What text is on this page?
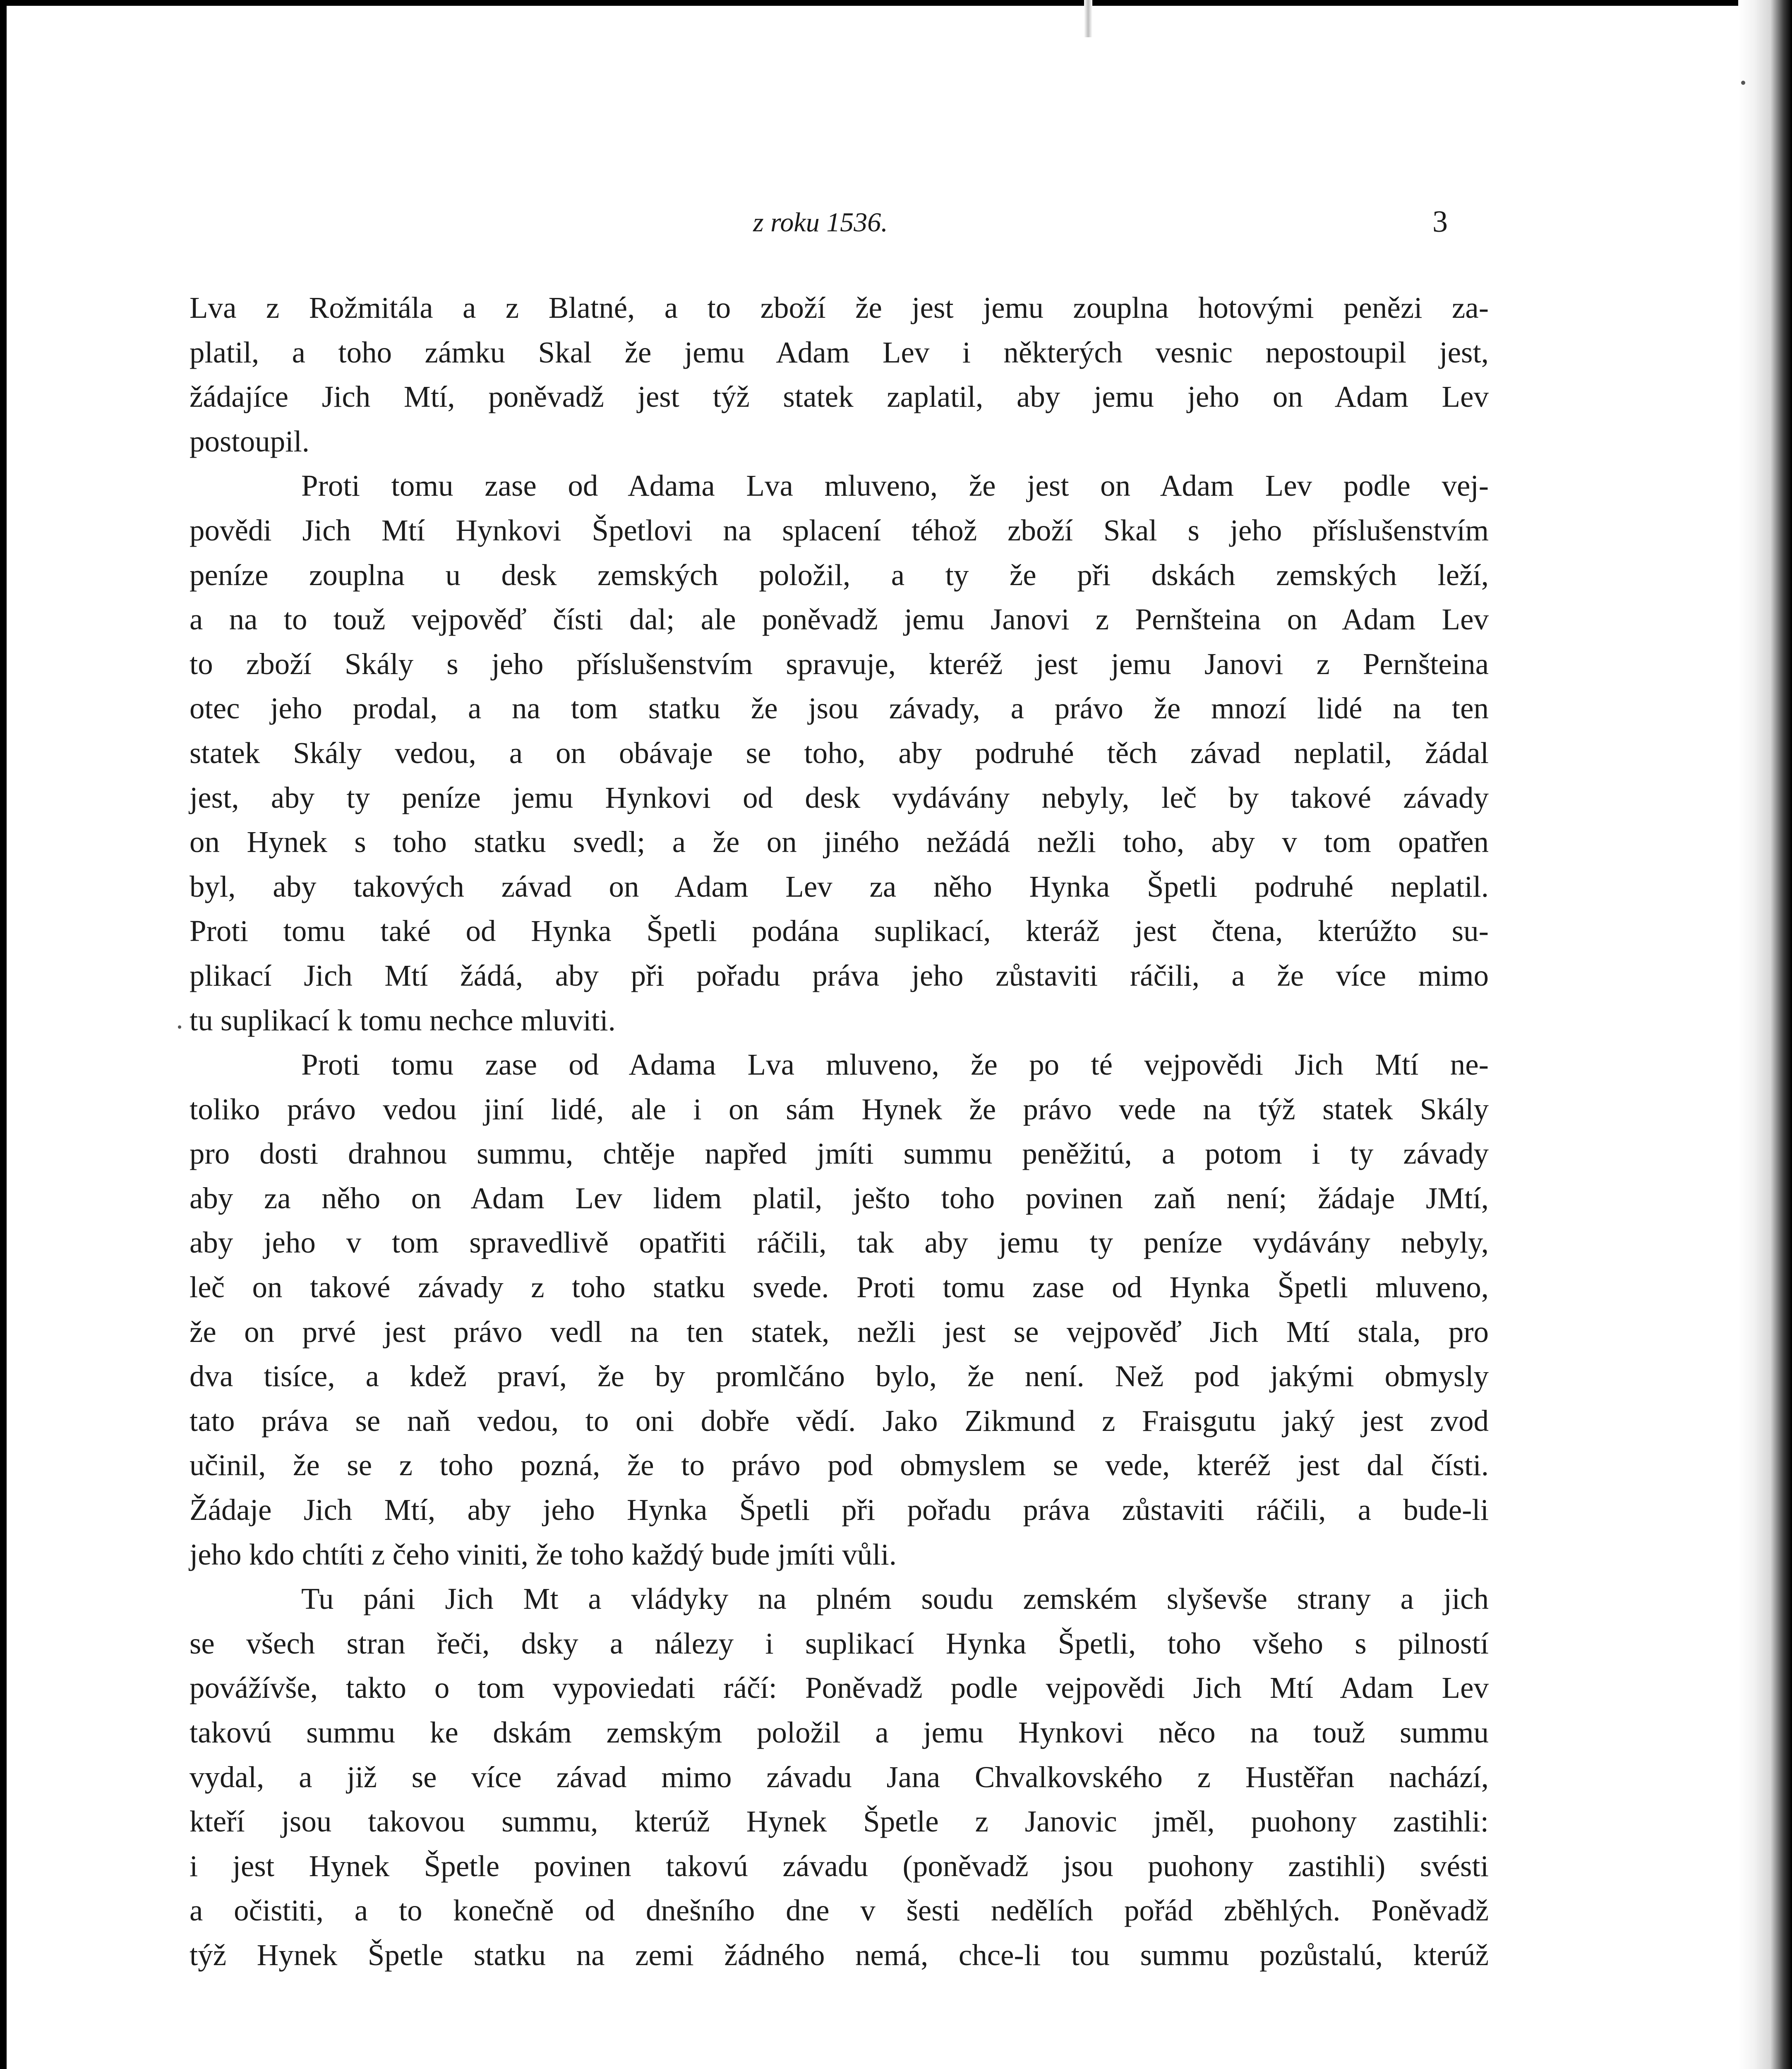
z roku 1536.	3
Lva z Rožmitála a z Blatné, a to zboží že jest jemu zouplna hotovými penězi za-
platil, a toho zámku Skal že jemu Adam Lev i některých vesnic nepostoupil jest,
žádajíce Jich Mtí, poněvadž jest týž statek zaplatil, aby jemu jeho on Adam Lev
postoupil.
Proti tomu zase od Adama Lva mluveno, že jest on Adam Lev podle vej-
povědi Jich Mtí Hynkovi Špetlovi na splacení téhož zboží Skal s jeho příslušenstvím
peníze zouplna u desk zemských položil, a ty že při dskách zemských leží,
a na to touž vejpověď čísti dal; ale poněvadž jemu Janovi z Pernšteina on Adam Lev
to zboží Skály s jeho příslušenstvím spravuje, kteréž jest jemu Janovi z Pernšteina
otec jeho prodal, a na tom statku že jsou závady, a právo že mnozí lidé na ten
statek Skály vedou, a on obávaje se toho, aby podruhé těch závad neplatil, žádal
jest, aby ty peníze jemu Hynkovi od desk vydávány nebyly, leč by takové závady
on Hynek s toho statku svedl; a že on jiného nežádá nežli toho, aby v tom opatřen
byl, aby takových závad on Adam Lev za něho Hynka Špetli podruhé neplatil.
Proti tomu také od Hynka Špetli podána suplikací, kteráž jest čtena, kterúžto su-
plikací Jich Mtí žádá, aby při pořadu práva jeho zůstaviti ráčili, a že více mimo
tu suplikací k tomu nechce mluviti.
Proti tomu zase od Adama Lva mluveno, že po té vejpovědi Jich Mtí ne-
toliko právo vedou jiní lidé, ale i on sám Hynek že právo vede na týž statek Skály
pro dosti drahnou summu, chtěje napřed jmíti summu peněžitú, a potom i ty závady
aby za něho on Adam Lev lidem platil, ješto toho povinen zaň není; žádaje JMtí,
aby jeho v tom spravedlivě opatřiti ráčili, tak aby jemu ty peníze vydávány nebyly,
leč on takové závady z toho statku svede. Proti tomu zase od Hynka Špetli mluveno,
že on prvé jest právo vedl na ten statek, nežli jest se vejpověď Jich Mtí stala, pro
dva tisíce, a kdež praví, že by promlčáno bylo, že není. Než pod jakými obmysly
tato práva se naň vedou, to oni dobře vědí. Jako Zikmund z Fraisgutu jaký jest zvod
učinil, že se z toho pozná, že to právo pod obmyslem se vede, kteréž jest dal čísti.
Žádaje Jich Mtí, aby jeho Hynka Špetli při pořadu práva zůstaviti ráčili, a bude-li
jeho kdo chtíti z čeho viniti, že toho každý bude jmíti vůli.
Tu páni Jich Mt a vládyky na plném soudu zemském slyševše strany a jich
se všech stran řeči, dsky a nálezy i suplikací Hynka Špetli, toho všeho s pilností
povážívše, takto o tom vypoviedati ráčí: Poněvadž podle vejpovědi Jich Mtí Adam Lev
takovú summu ke dskám zemským položil a jemu Hynkovi něco na touž summu
vydal, a již se více závad mimo závadu Jana Chvalkovského z Hustěřan nachází,
kteří jsou takovou summu, kterúž Hynek Špetle z Janovic jměl, puohony zastihli:
i jest Hynek Špetle povinen takovú závadu (poněvadž jsou puohony zastihli) svésti
a očistiti, a to konečně od dnešního dne v šesti nedělích pořád zběhlých. Poněvadž
týž Hynek Špetle statku na zemi žádného nemá, chce-li tou summu pozůstalú, kterúž
